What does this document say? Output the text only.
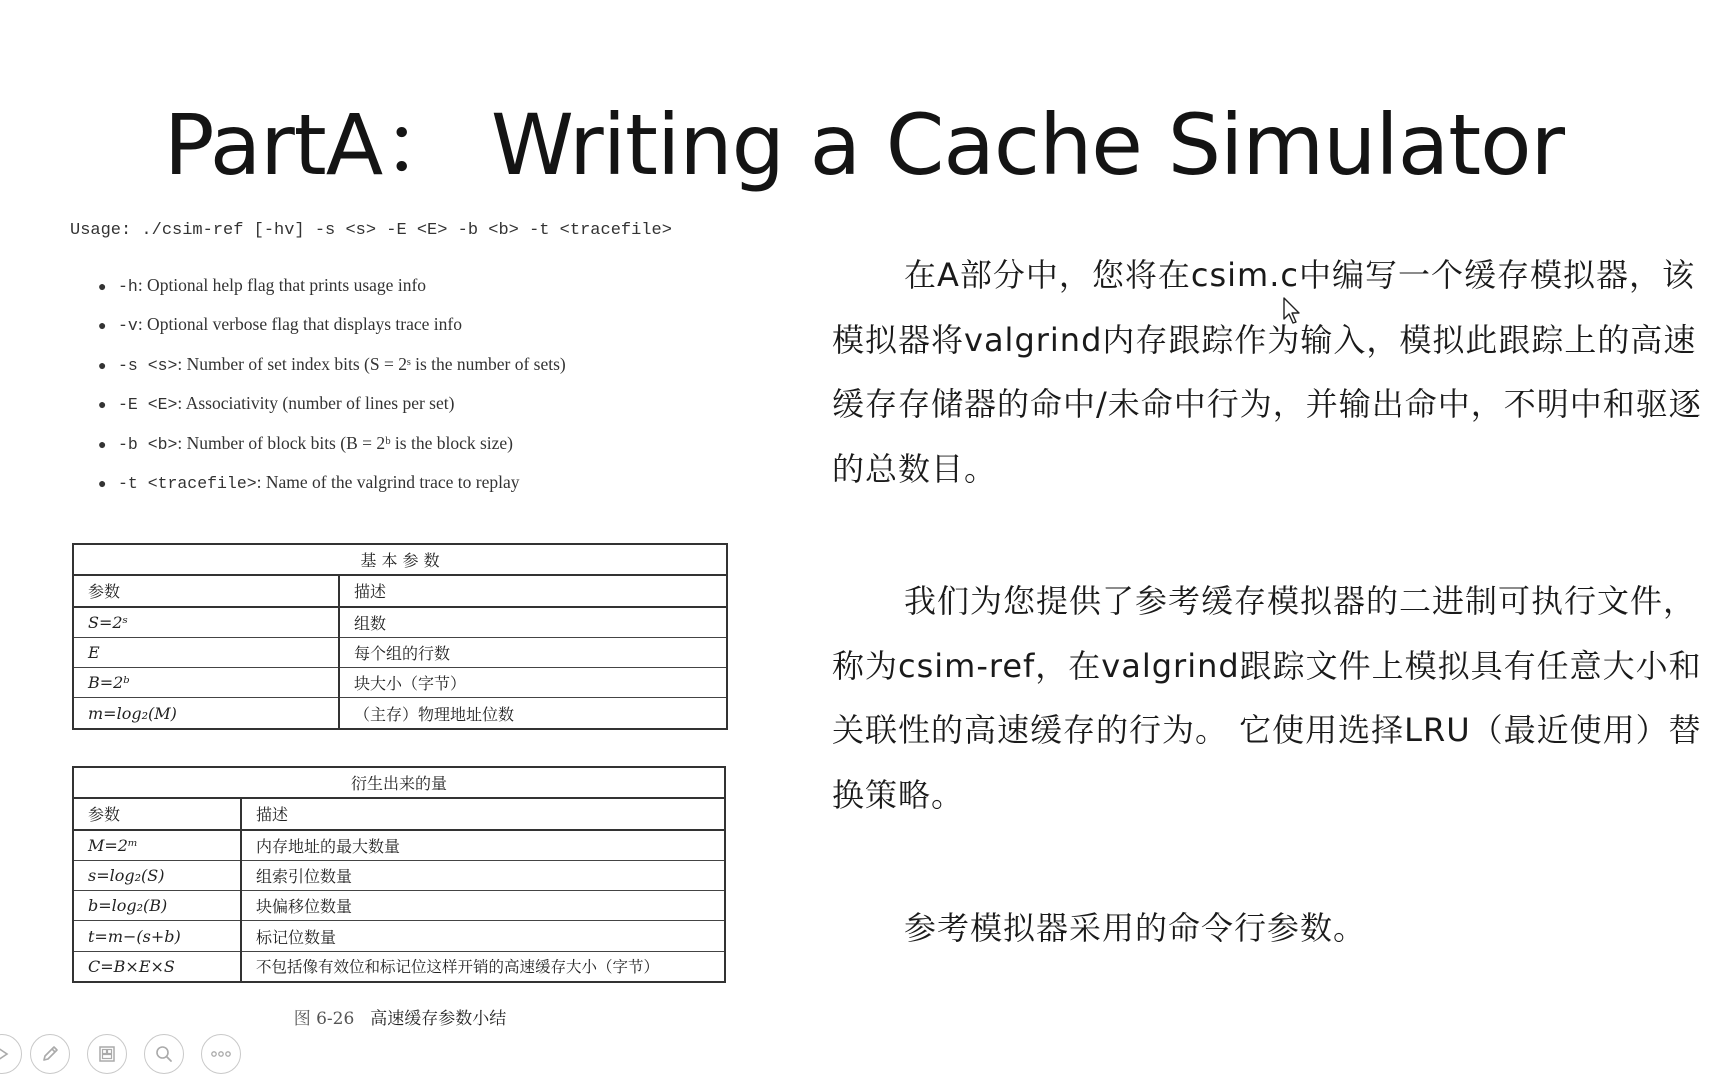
PartA： Writing a Cache Simulator
Usage: ./csim-ref [-hv] -s <s> -E <E> -b <b> -t <tracefile>
● -h: Optional help flag that prints usage info
● -v: Optional verbose flag that displays trace info
● -s <s>: Number of set index bits (S = 2ˢ is the number of sets)
● -E <E>: Associativity (number of lines per set)
● -b <b>: Number of block bits (B = 2ᵇ is the block size)
● -t <tracefile>: Name of the valgrind trace to replay
基 本 参 数	
参数	描述
S=2ˢ	组数
E	每个组的行数
B=2ᵇ	块大小（字节）
m=log₂(M)	（主存）物理地址位数
衍生出来的量	
参数	描述
M=2ᵐ	内存地址的最大数量
s=log₂(S)	组索引位数量
b=log₂(B)	块偏移位数量
t=m−(s+b)	标记位数量
C=B×E×S	不包括像有效位和标记位这样开销的高速缓存大小（字节）
图 6-26 高速缓存参数小结

在A部分中，您将在csim.c中编写一个缓存模拟器，该模拟器将valgrind内存跟踪作为输入，模拟此跟踪上的高速缓存存储器的命中/未命中行为，并输出命中，不明中和驱逐的总数目。

我们为您提供了参考缓存模拟器的二进制可执行文件，称为csim-ref，在valgrind跟踪文件上模拟具有任意大小和关联性的高速缓存的行为。 它使用选择LRU（最近使用）替换策略。

参考模拟器采用的命令行参数。
